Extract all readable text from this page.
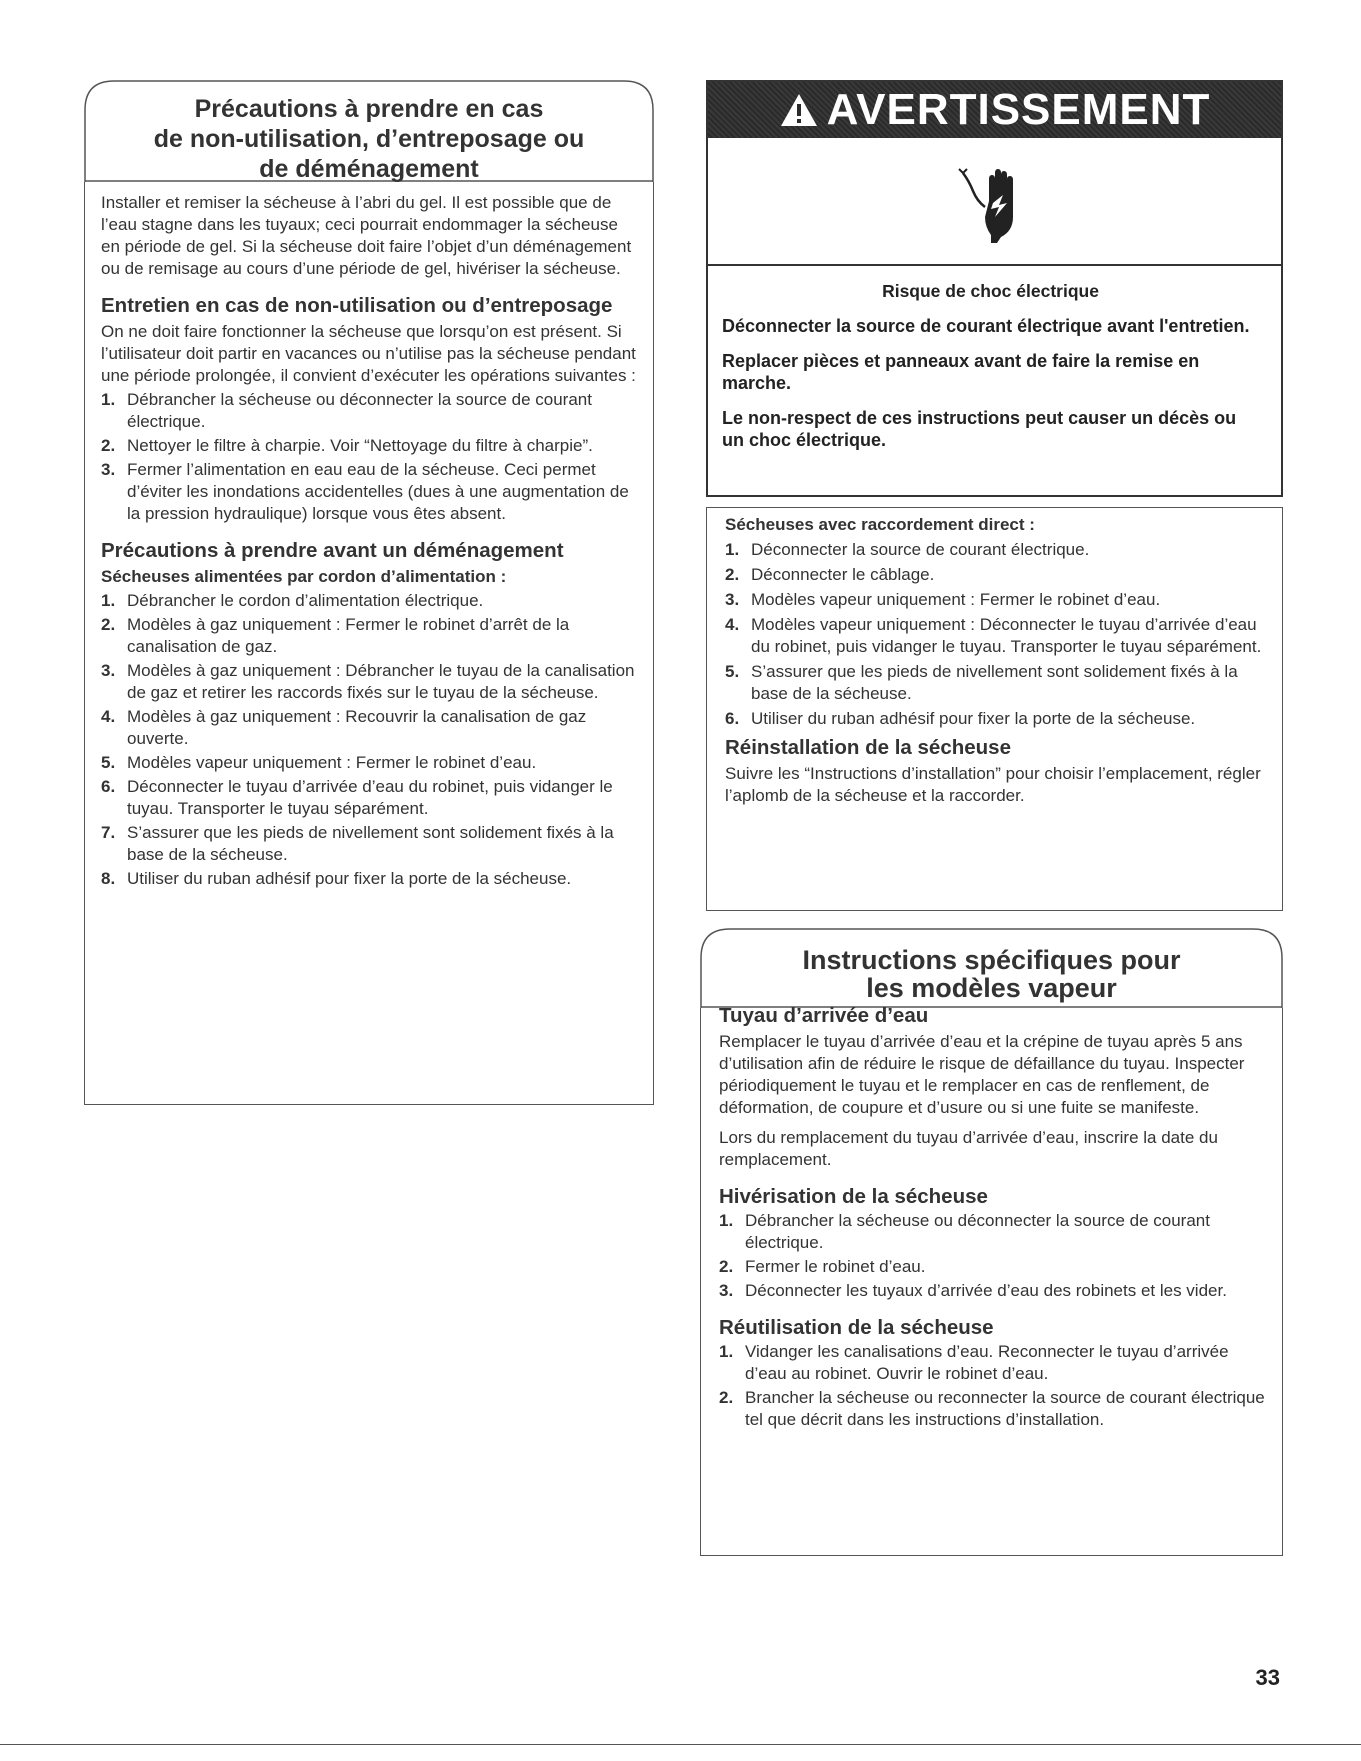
Précautions à prendre en cas
de non-utilisation, d’entreposage ou
de déménagement

Installer et remiser la sécheuse à l’abri du gel. Il est possible que de l’eau stagne dans les tuyaux; ceci pourrait endommager la sécheuse en période de gel. Si la sécheuse doit faire l’objet d’un déménagement ou de remisage au cours d’une période de gel, hivériser la sécheuse.

Entretien en cas de non-utilisation ou d’entreposage

On ne doit faire fonctionner la sécheuse que lorsqu’on est présent. Si l’utilisateur doit partir en vacances ou n’utilise pas la sécheuse pendant une période prolongée, il convient d’exécuter les opérations suivantes :

1. Débrancher la sécheuse ou déconnecter la source de courant électrique.
2. Nettoyer le filtre à charpie. Voir “Nettoyage du filtre à charpie”.
3. Fermer l’alimentation en eau eau de la sécheuse. Ceci permet d’éviter les inondations accidentelles (dues à une augmentation de la pression hydraulique) lorsque vous êtes absent.
Précautions à prendre avant un déménagement
Sécheuses alimentées par cordon d’alimentation :
1. Débrancher le cordon d’alimentation électrique.
2. Modèles à gaz uniquement : Fermer le robinet d’arrêt de la canalisation de gaz.
3. Modèles à gaz uniquement : Débrancher le tuyau de la canalisation de gaz et retirer les raccords fixés sur le tuyau de la sécheuse.
4. Modèles à gaz uniquement : Recouvrir la canalisation de gaz ouverte.
5. Modèles vapeur uniquement : Fermer le robinet d’eau.
6. Déconnecter le tuyau d’arrivée d’eau du robinet, puis vidanger le tuyau. Transporter le tuyau séparément.
7. S’assurer que les pieds de nivellement sont solidement fixés à la base de la sécheuse.
8. Utiliser du ruban adhésif pour fixer la porte de la sécheuse.
AVERTISSEMENT

Risque de choc électrique

Déconnecter la source de courant électrique avant l'entretien.

Replacer pièces et panneaux avant de faire la remise en marche.

Le non-respect de ces instructions peut causer un décès ou un choc électrique.

Sécheuses avec raccordement direct :
1. Déconnecter la source de courant électrique.
2. Déconnecter le câblage.
3. Modèles vapeur uniquement : Fermer le robinet d’eau.
4. Modèles vapeur uniquement : Déconnecter le tuyau d’arrivée d’eau du robinet, puis vidanger le tuyau. Transporter le tuyau séparément.
5. S’assurer que les pieds de nivellement sont solidement fixés à la base de la sécheuse.
6. Utiliser du ruban adhésif pour fixer la porte de la sécheuse.
Réinstallation de la sécheuse

Suivre les “Instructions d’installation” pour choisir l’emplacement, régler l’aplomb de la sécheuse et la raccorder.

Instructions spécifiques pour
les modèles vapeur
Tuyau d’arrivée d’eau

Remplacer le tuyau d’arrivée d’eau et la crépine de tuyau après 5 ans d’utilisation afin de réduire le risque de défaillance du tuyau. Inspecter périodiquement le tuyau et le remplacer en cas de renflement, de déformation, de coupure et d’usure ou si une fuite se manifeste.

Lors du remplacement du tuyau d’arrivée d’eau, inscrire la date du remplacement.

Hivérisation de la sécheuse
1. Débrancher la sécheuse ou déconnecter la source de courant électrique.
2. Fermer le robinet d’eau.
3. Déconnecter les tuyaux d’arrivée d’eau des robinets et les vider.
Réutilisation de la sécheuse
1. Vidanger les canalisations d’eau. Reconnecter le tuyau d’arrivée d’eau au robinet. Ouvrir le robinet d’eau.
2. Brancher la sécheuse ou reconnecter la source de courant électrique tel que décrit dans les instructions d’installation.
33
